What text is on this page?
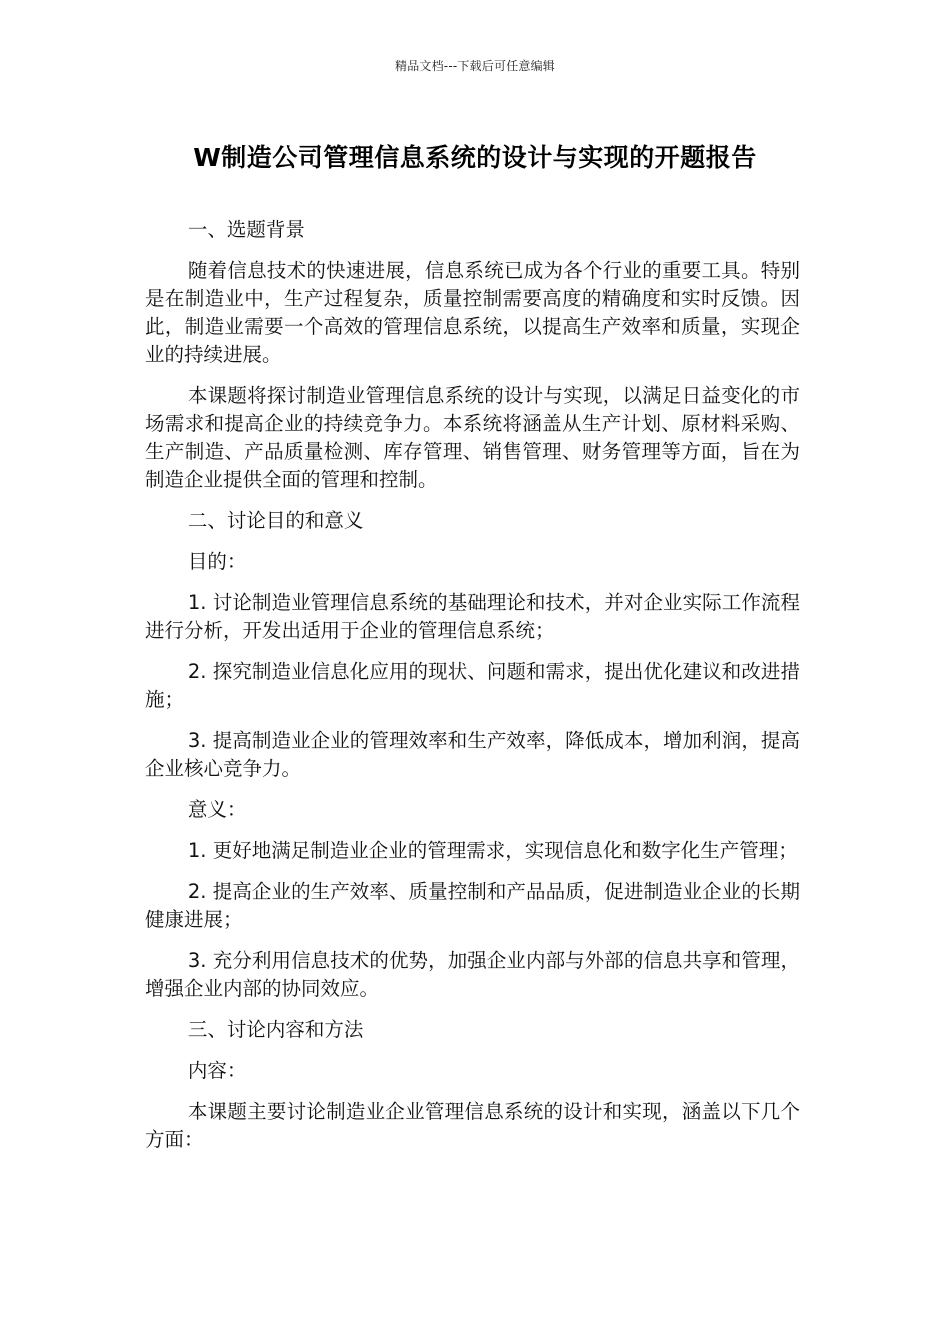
精品文档---下载后可任意编辑
W制造公司管理信息系统的设计与实现的开题报告

一、选题背景

随着信息技术的快速进展，信息系统已成为各个行业的重要工具。特别是在制造业中，生产过程复杂，质量控制需要高度的精确度和实时反馈。因此，制造业需要一个高效的管理信息系统，以提高生产效率和质量，实现企业的持续进展。

本课题将探讨制造业管理信息系统的设计与实现，以满足日益变化的市场需求和提高企业的持续竞争力。本系统将涵盖从生产计划、原材料采购、生产制造、产品质量检测、库存管理、销售管理、财务管理等方面，旨在为制造企业提供全面的管理和控制。

二、讨论目的和意义

目的：

1. 讨论制造业管理信息系统的基础理论和技术，并对企业实际工作流程进行分析，开发出适用于企业的管理信息系统；

2. 探究制造业信息化应用的现状、问题和需求，提出优化建议和改进措施；

3. 提高制造业企业的管理效率和生产效率，降低成本，增加利润，提高企业核心竞争力。

意义：

1. 更好地满足制造业企业的管理需求，实现信息化和数字化生产管理；

2. 提高企业的生产效率、质量控制和产品品质，促进制造业企业的长期健康进展；

3. 充分利用信息技术的优势，加强企业内部与外部的信息共享和管理，增强企业内部的协同效应。

三、讨论内容和方法

内容：

本课题主要讨论制造业企业管理信息系统的设计和实现，涵盖以下几个方面：
